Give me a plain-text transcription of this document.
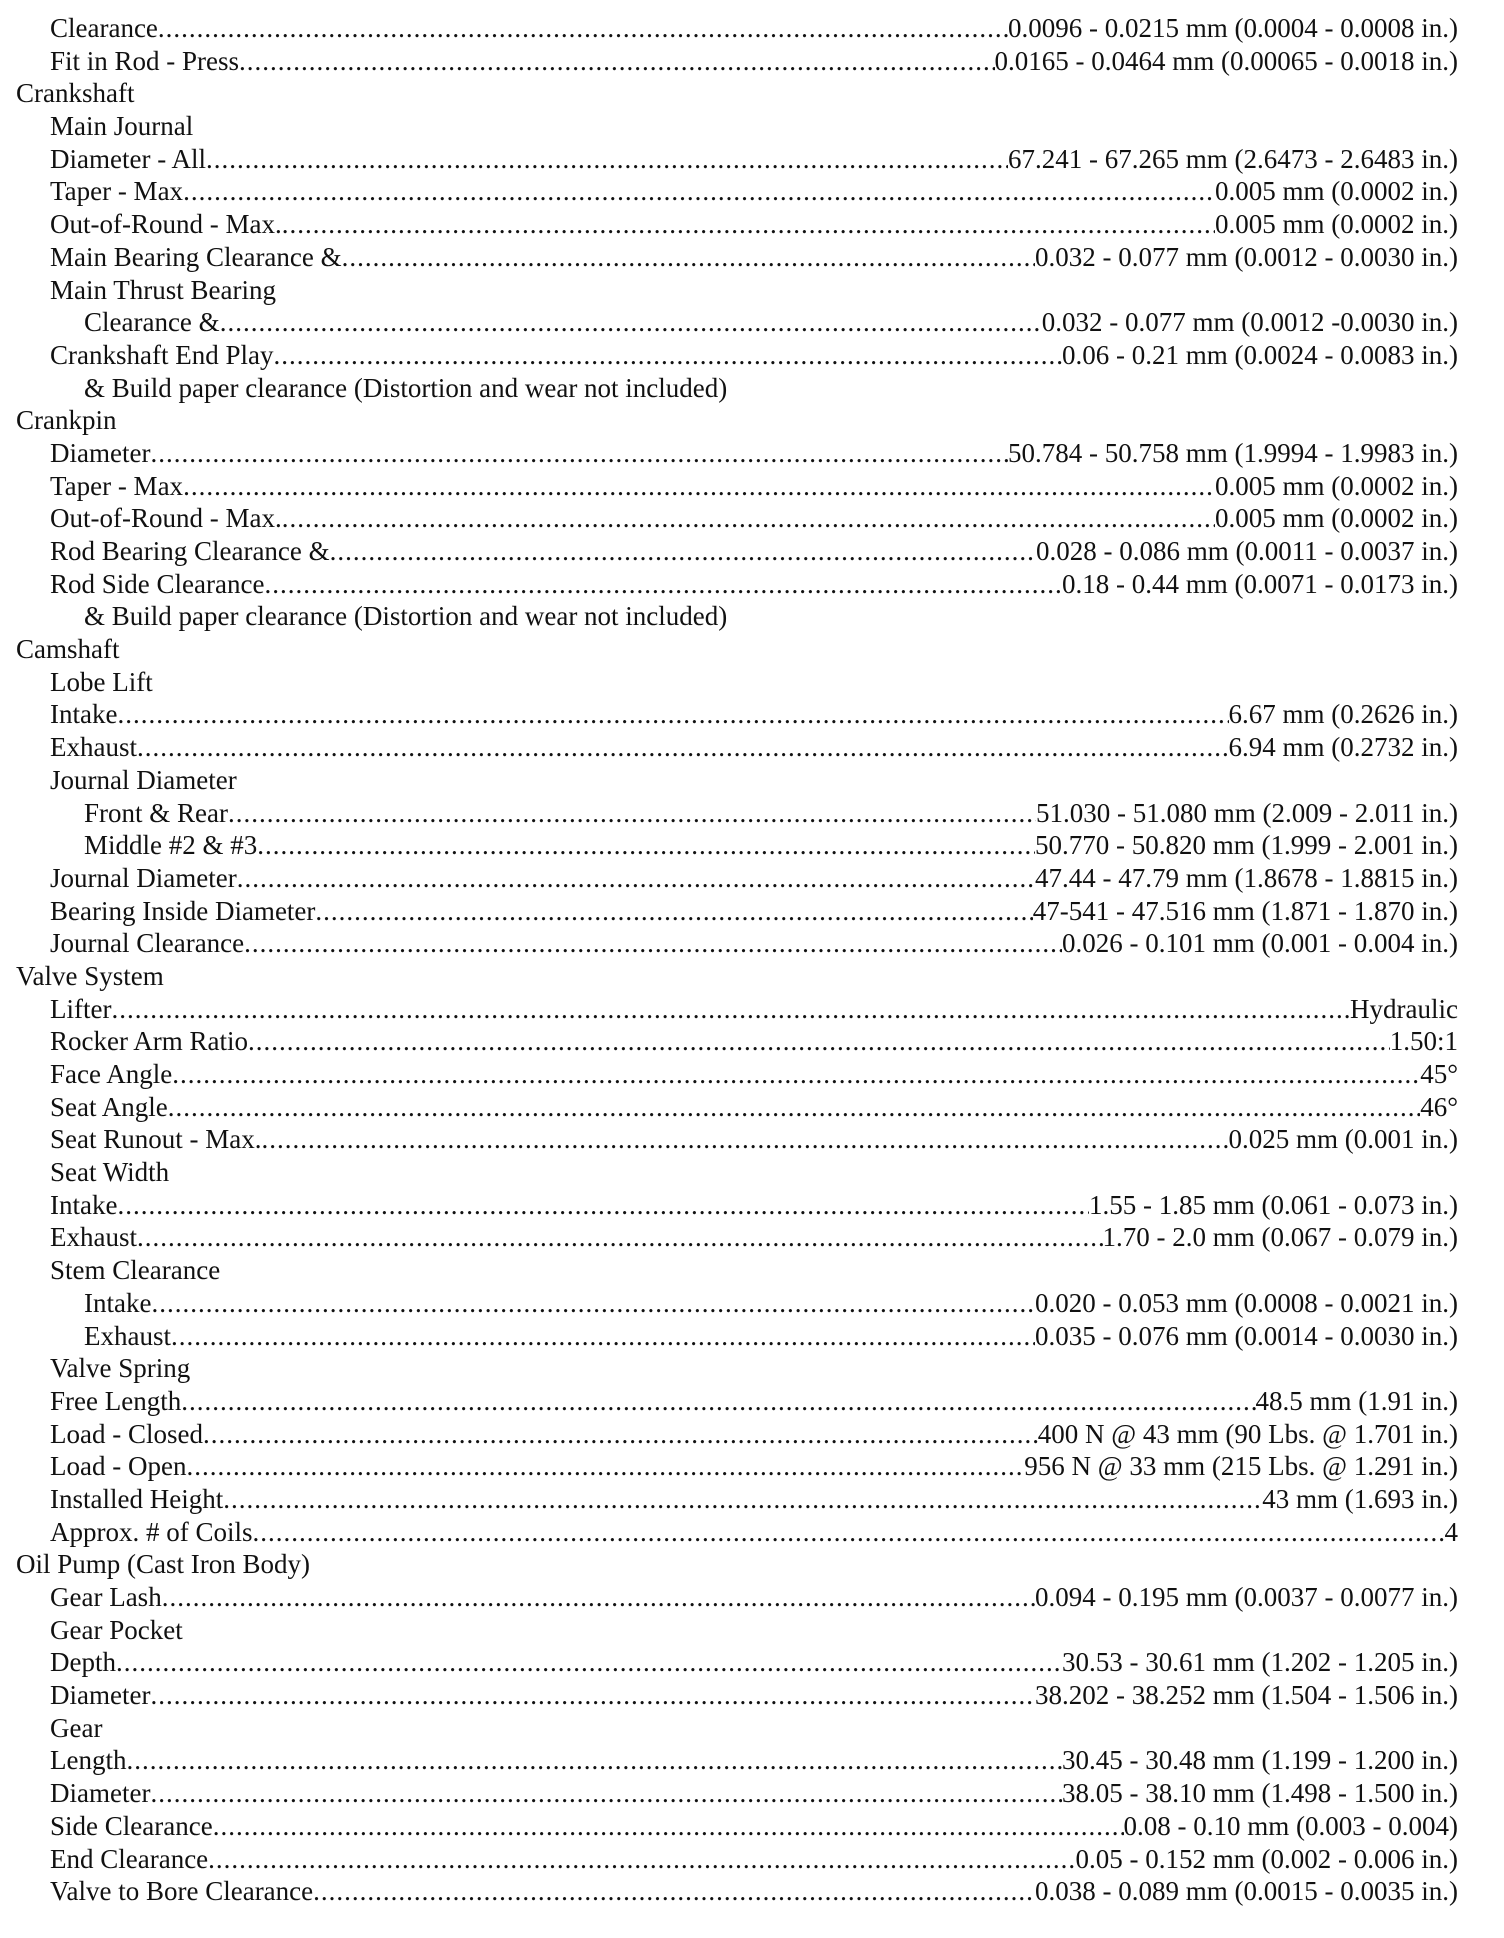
Clearance .....	0.0096 - 0.0215 mm (0.0004 - 0.0008 in.)
Fit in Rod - Press .....	0.0165 - 0.0464 mm (0.00065 - 0.0018 in.)
Crankshaft
Main Journal
Diameter - All .....	67.241 - 67.265 mm (2.6473 - 2.6483 in.)
Taper - Max .....	0.005 mm (0.0002 in.)
Out-of-Round - Max. .....	0.005 mm (0.0002 in.)
Main Bearing Clearance & .....	0.032 - 0.077 mm (0.0012 - 0.0030 in.)
Main Thrust Bearing
Clearance & .....	0.032 - 0.077 mm (0.0012 -0.0030 in.)
Crankshaft End Play .....	0.06 - 0.21 mm (0.0024 - 0.0083 in.)
& Build paper clearance (Distortion and wear not included)
Crankpin
Diameter .....	50.784 - 50.758 mm (1.9994 - 1.9983 in.)
Taper - Max .....	0.005 mm (0.0002 in.)
Out-of-Round - Max. .....	0.005 mm (0.0002 in.)
Rod Bearing Clearance & .....	0.028 - 0.086 mm (0.0011 - 0.0037 in.)
Rod Side Clearance .....	0.18 - 0.44 mm (0.0071 - 0.0173 in.)
& Build paper clearance (Distortion and wear not included)
Camshaft
Lobe Lift
Intake .....	6.67 mm (0.2626 in.)
Exhaust .....	6.94 mm (0.2732 in.)
Journal Diameter
Front & Rear .....	51.030 - 51.080 mm (2.009 - 2.011 in.)
Middle #2 & #3 .....	50.770 - 50.820 mm (1.999 - 2.001 in.)
Journal Diameter .....	47.44 - 47.79 mm (1.8678 - 1.8815 in.)
Bearing Inside Diameter .....	47-541 - 47.516 mm (1.871 - 1.870 in.)
Journal Clearance .....	0.026 - 0.101 mm (0.001 - 0.004 in.)
Valve System
Lifter .....	Hydraulic
Rocker Arm Ratio .....	1.50:1
Face Angle .....	45°
Seat Angle .....	46°
Seat Runout - Max. .....	0.025 mm (0.001 in.)
Seat Width
Intake .....	1.55 - 1.85 mm (0.061 - 0.073 in.)
Exhaust .....	1.70 - 2.0 mm (0.067 - 0.079 in.)
Stem Clearance
Intake .....	0.020 - 0.053 mm (0.0008 - 0.0021 in.)
Exhaust .....	0.035 - 0.076 mm (0.0014 - 0.0030 in.)
Valve Spring
Free Length .....	48.5 mm (1.91 in.)
Load - Closed .....	400 N @ 43 mm (90 Lbs. @ 1.701 in.)
Load - Open .....	956 N @ 33 mm (215 Lbs. @ 1.291 in.)
Installed Height .....	43 mm (1.693 in.)
Approx. # of Coils .....	4
Oil Pump (Cast Iron Body)
Gear Lash .....	0.094 - 0.195 mm (0.0037 - 0.0077 in.)
Gear Pocket
Depth .....	30.53 - 30.61 mm (1.202 - 1.205 in.)
Diameter .....	38.202 - 38.252 mm (1.504 - 1.506 in.)
Gear
Length .....	30.45 - 30.48 mm (1.199 - 1.200 in.)
Diameter .....	38.05 - 38.10 mm (1.498 - 1.500 in.)
Side Clearance .....	0.08 - 0.10 mm (0.003 - 0.004)
End Clearance .....	0.05 - 0.152 mm (0.002 - 0.006 in.)
Valve to Bore Clearance .....	0.038 - 0.089 mm (0.0015 - 0.0035 in.)
